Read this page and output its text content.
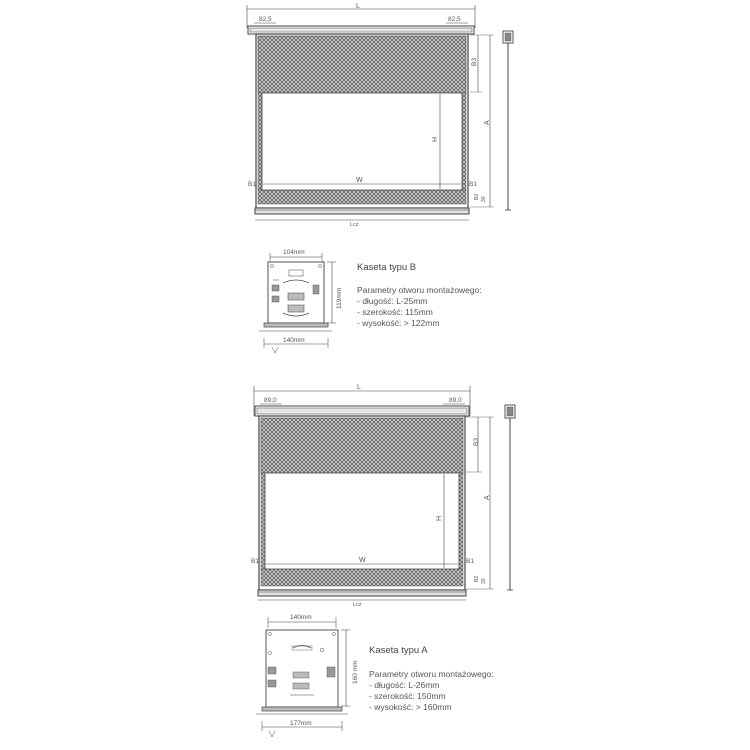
L
82,5	82,5
H
W
B1	B1
Lcz
B3
A
B2 30
104mm
119mm
140mm
L
89,0	89,0
H
W
B1	B1
Lcz
B3
A
B2 30
140mm
160 mm
177mm
Kaseta typu B
Parametry otworu montażowego:
- długość: L-25mm
- szerokość: 115mm
- wysokość: > 122mm
Kaseta typu A
Parametry otworu montażowego:
- długość: L-26mm
- szerokość: 150mm
- wysokość: > 160mm
